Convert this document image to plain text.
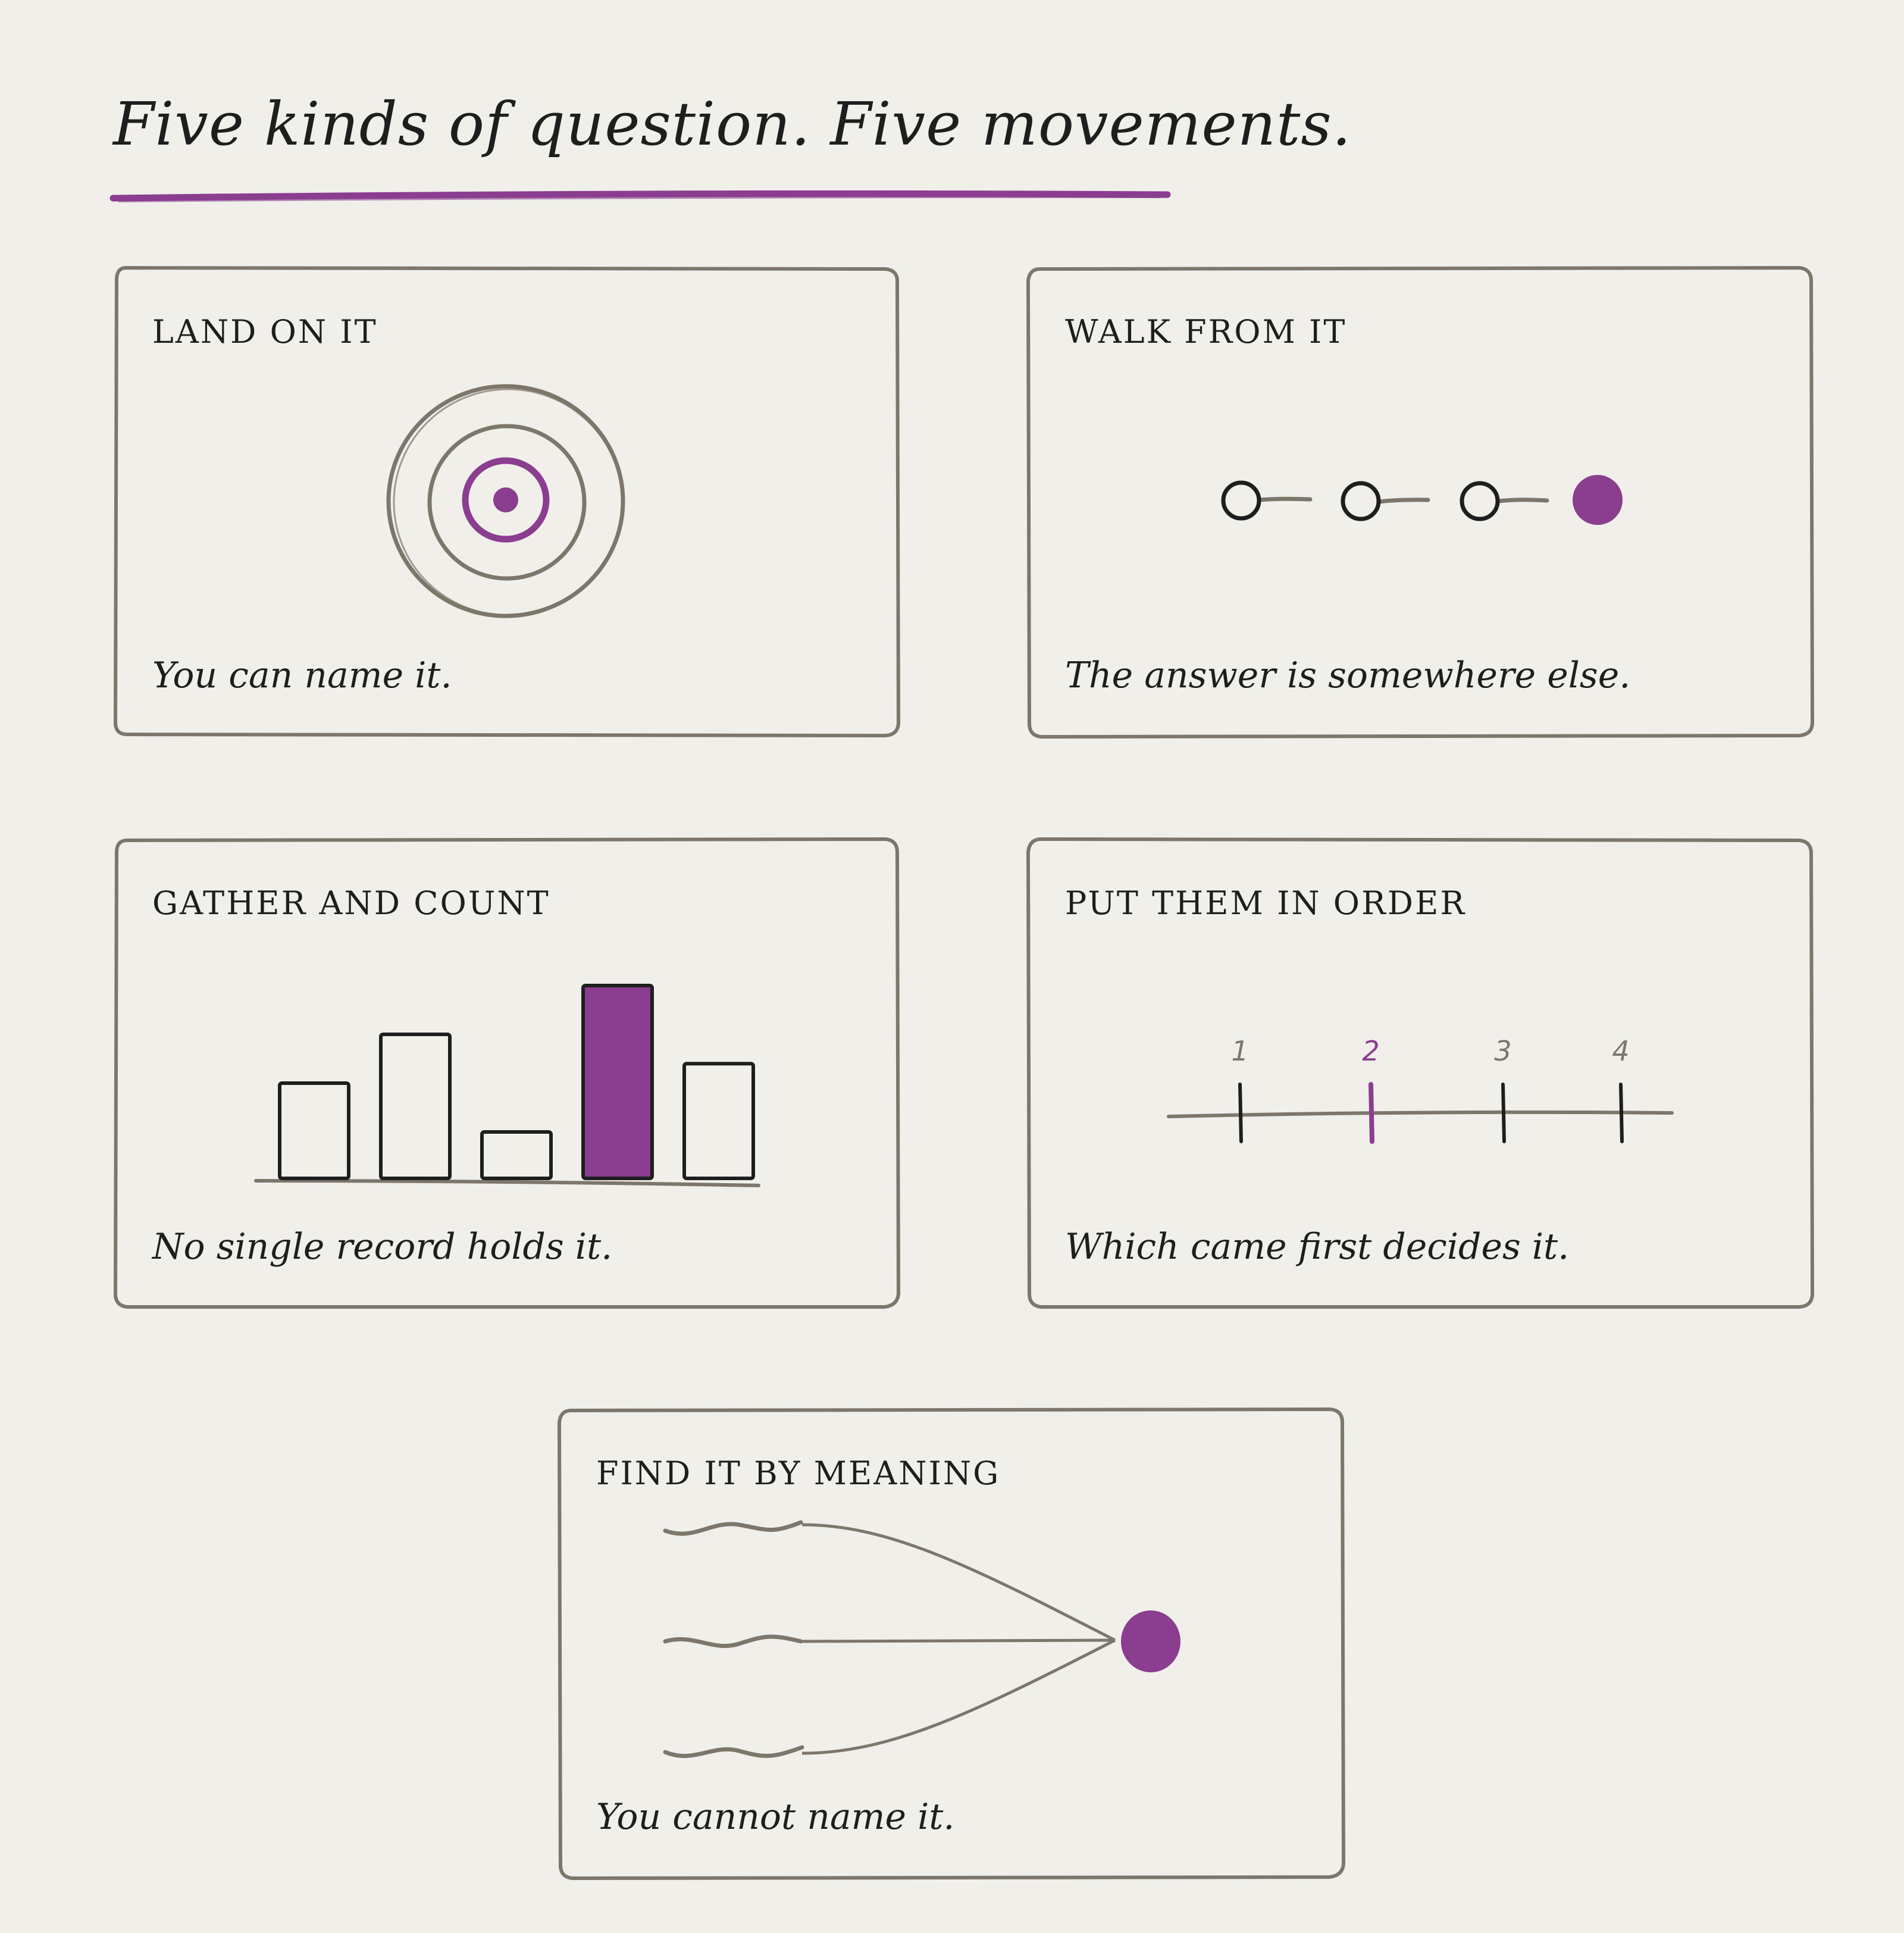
Five kinds of question. Five movements.
LAND ON IT
You can name it.
WALK FROM IT
The answer is somewhere else.
GATHER AND COUNT
No single record holds it.
PUT THEM IN ORDER
1	2	3	4
Which came first decides it.
FIND IT BY MEANING
You cannot name it.
